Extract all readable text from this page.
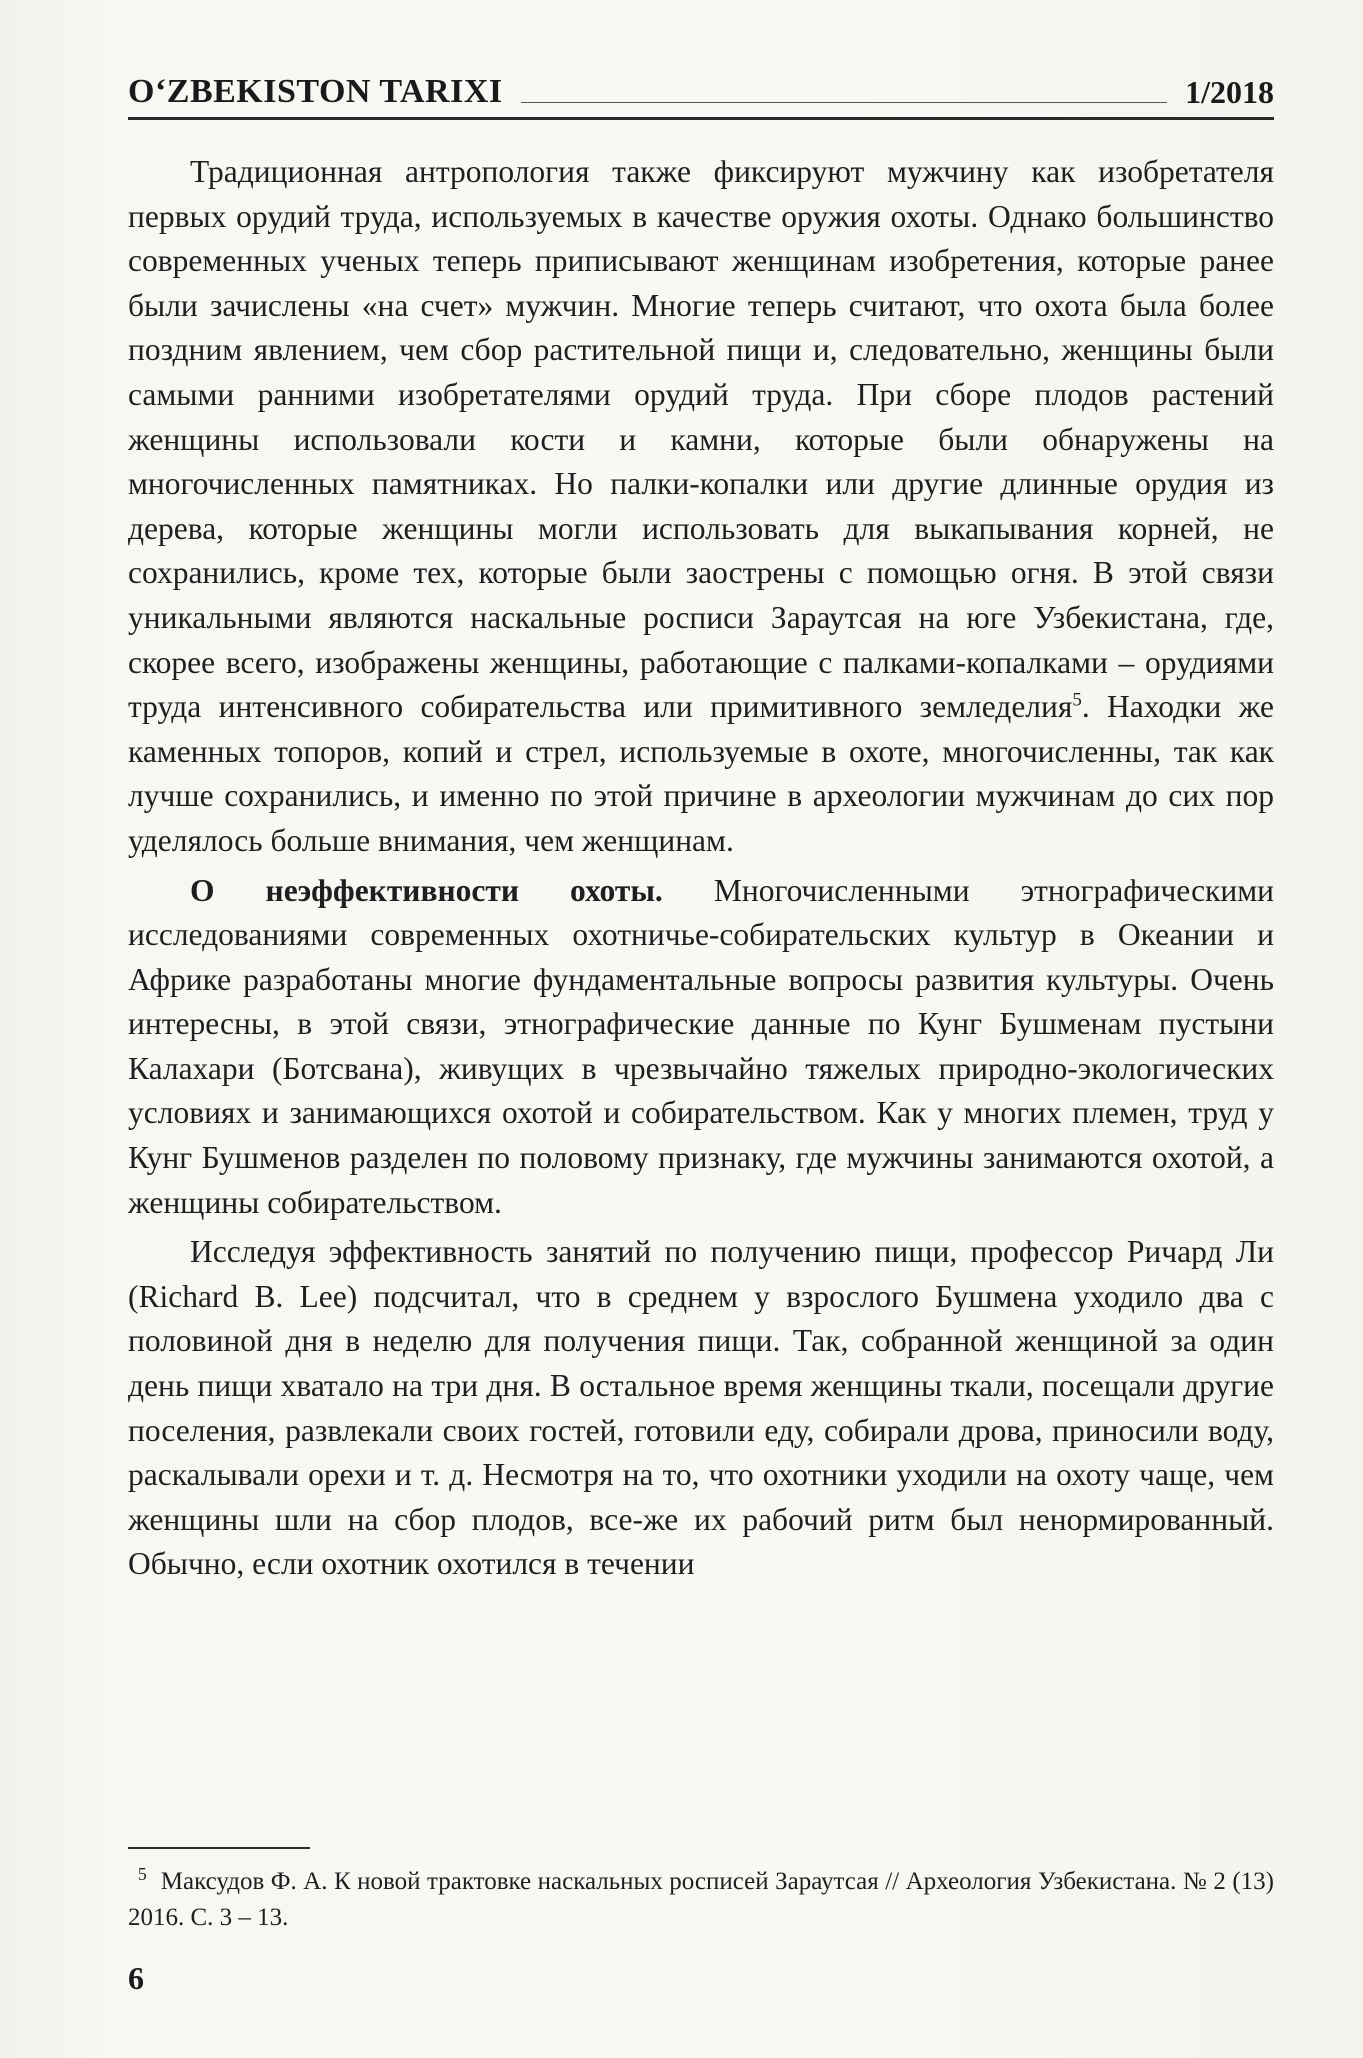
O‘ZBEKISTON TARIXI	1/2018

Традиционная антропология также фиксируют мужчину как изобретателя первых орудий труда, используемых в качестве оружия охоты. Однако большинство современных ученых теперь приписывают женщинам изобретения, которые ранее были зачислены «на счет» мужчин. Многие теперь считают, что охота была более поздним явлением, чем сбор растительной пищи и, следовательно, женщины были самыми ранними изобретателями орудий труда. При сборе плодов растений женщины использовали кости и камни, которые были обнаружены на многочисленных памятниках. Но палки-копалки или другие длинные орудия из дерева, которые женщины могли использовать для выкапывания корней, не сохранились, кроме тех, которые были заострены с помощью огня. В этой связи уникальными являются наскальные росписи Зараутсая на юге Узбекистана, где, скорее всего, изображены женщины, работающие с палками-копалками – орудиями труда интенсивного собирательства или примитивного земледелия$^5$. Находки же каменных топоров, копий и стрел, используемые в охоте, многочисленны, так как лучше сохранились, и именно по этой причине в археологии мужчинам до сих пор уделялось больше внимания, чем женщинам.

О неэффективности охоты. Многочисленными этнографическими исследованиями современных охотничье-собирательских культур в Океании и Африке разработаны многие фундаментальные вопросы развития культуры. Очень интересны, в этой связи, этнографические данные по Кунг Бушменам пустыни Калахари (Ботсвана), живущих в чрезвычайно тяжелых природно-экологических условиях и занимающихся охотой и собирательством. Как у многих племен, труд у Кунг Бушменов разделен по половому признаку, где мужчины занимаются охотой, а женщины собирательством.

Исследуя эффективность занятий по получению пищи, профессор Ричард Ли (Richard B. Lee) подсчитал, что в среднем у взрослого Бушмена уходило два с половиной дня в неделю для получения пищи. Так, собранной женщиной за один день пищи хватало на три дня. В остальное время женщины ткали, посещали другие поселения, развлекали своих гостей, готовили еду, собирали дрова, приносили воду, раскалывали орехи и т. д. Несмотря на то, что охотники уходили на охоту чаще, чем женщины шли на сбор плодов, все-же их рабочий ритм был ненормированный. Обычно, если охотник охотился в течении

$^5$ Максудов Ф. А. К новой трактовке наскальных росписей Зараутсая // Археология Узбекистана. № 2 (13) 2016. С. 3 – 13.
6
